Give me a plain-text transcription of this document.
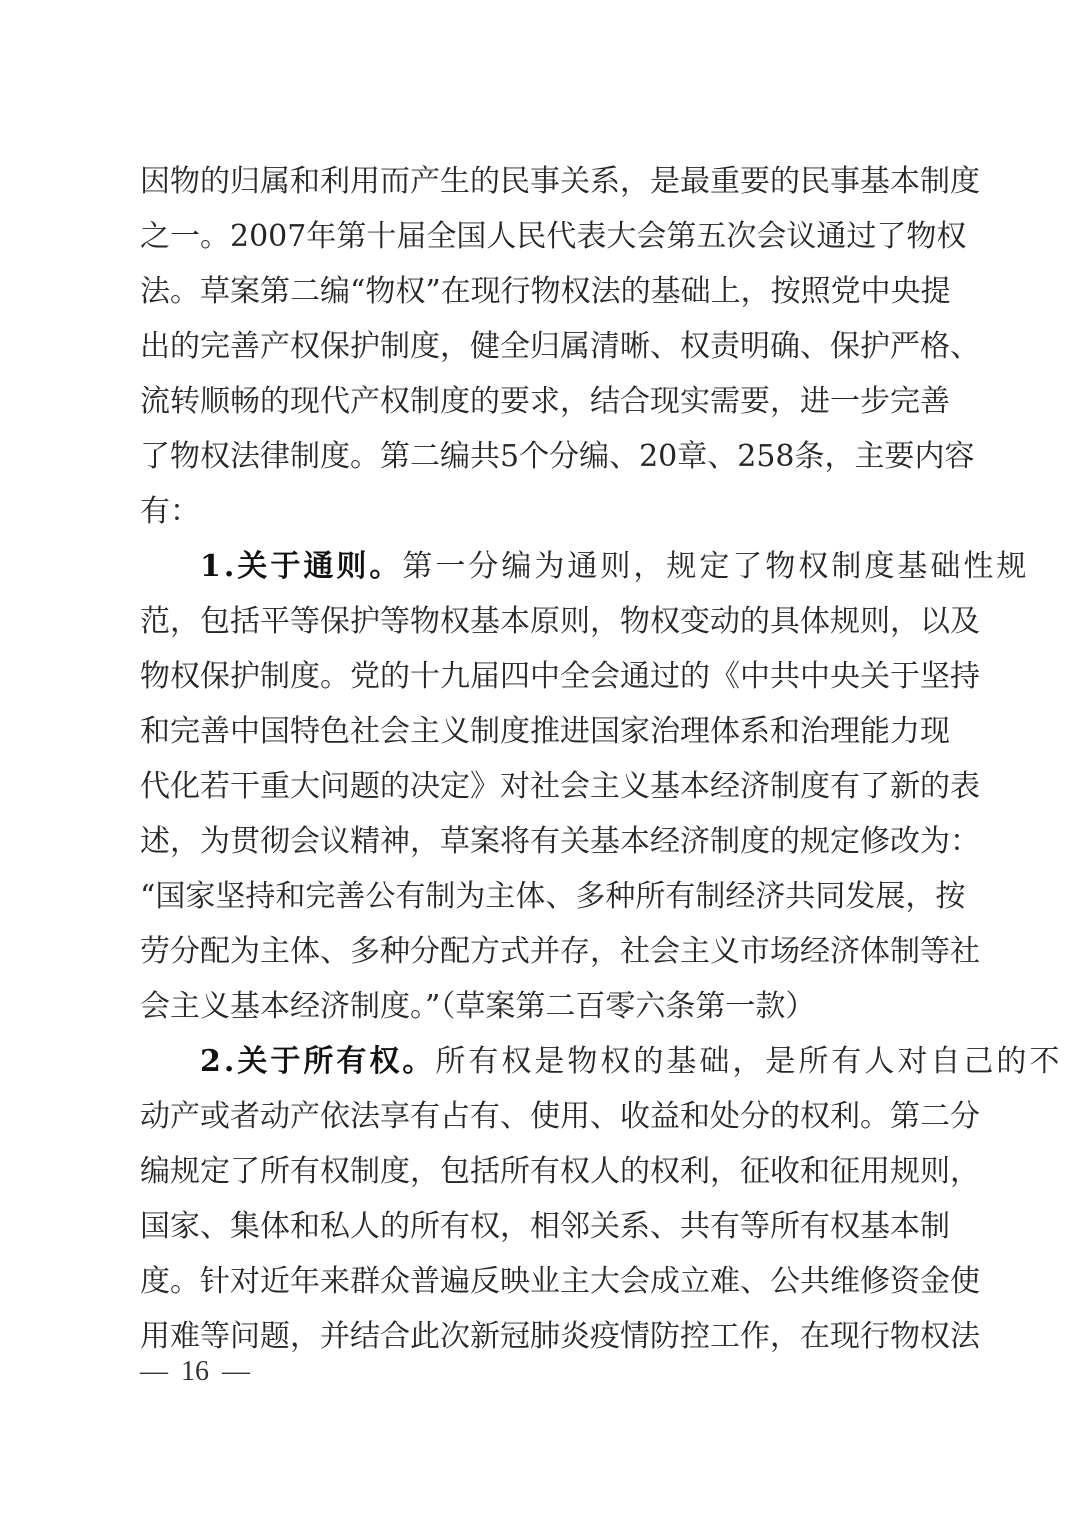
因物的归属和利用而产生的民事关系，是最重要的民事基本制度
之一。2007年第十届全国人民代表大会第五次会议通过了物权
法。草案第二编“物权”在现行物权法的基础上，按照党中央提
出的完善产权保护制度，健全归属清晰、权责明确、保护严格、
流转顺畅的现代产权制度的要求，结合现实需要，进一步完善
了物权法律制度。第二编共5个分编、20章、258条，主要内容
有：
1.关于通则。第一分编为通则，规定了物权制度基础性规
范，包括平等保护等物权基本原则，物权变动的具体规则，以及
物权保护制度。党的十九届四中全会通过的《中共中央关于坚持
和完善中国特色社会主义制度推进国家治理体系和治理能力现
代化若干重大问题的决定》对社会主义基本经济制度有了新的表
述，为贯彻会议精神，草案将有关基本经济制度的规定修改为：
“国家坚持和完善公有制为主体、多种所有制经济共同发展，按
劳分配为主体、多种分配方式并存，社会主义市场经济体制等社
会主义基本经济制度。”（草案第二百零六条第一款）
2.关于所有权。所有权是物权的基础，是所有人对自己的不
动产或者动产依法享有占有、使用、收益和处分的权利。第二分
编规定了所有权制度，包括所有权人的权利，征收和征用规则，
国家、集体和私人的所有权，相邻关系、共有等所有权基本制
度。针对近年来群众普遍反映业主大会成立难、公共维修资金使
用难等问题，并结合此次新冠肺炎疫情防控工作，在现行物权法
— 16 —
